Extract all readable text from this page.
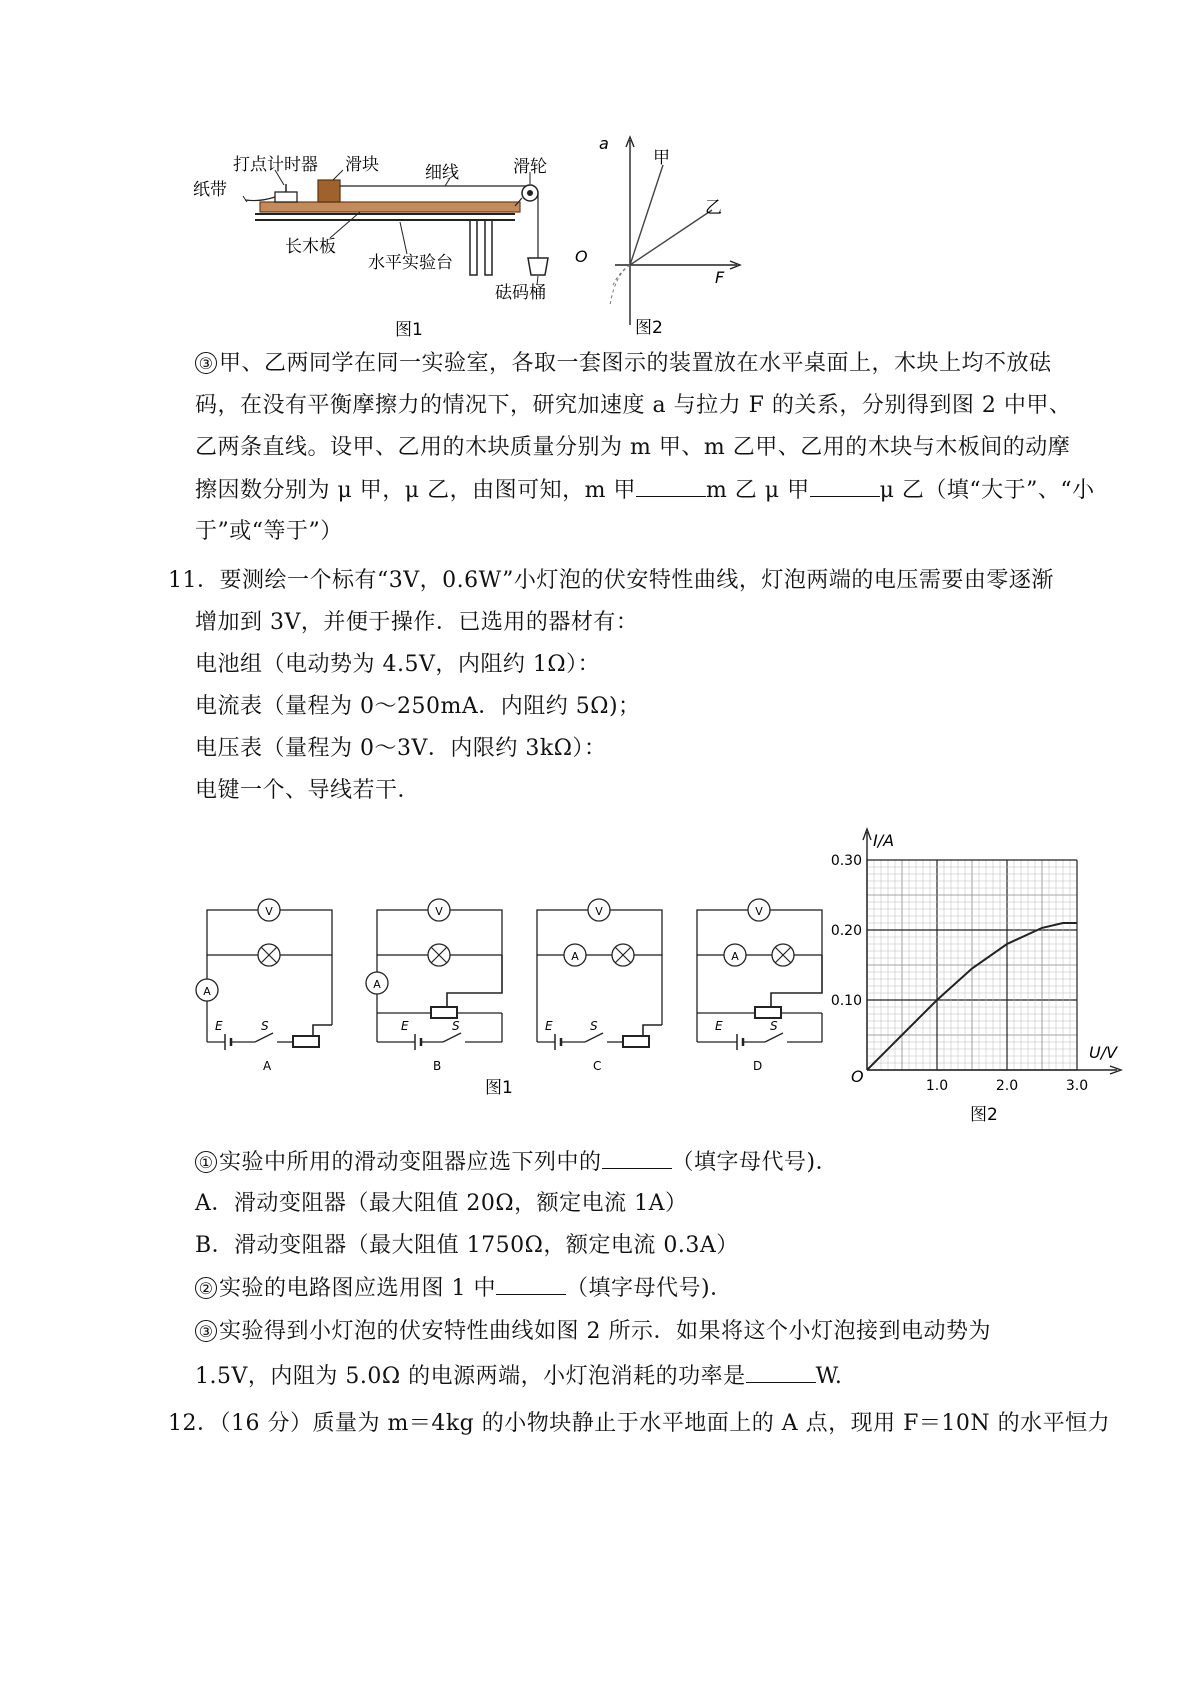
打点计时器 滑块	细线	滑轮
纸带
长木板
水平实验台
砝码桶
图1
a
O
F
甲
乙
图2
③ 甲、乙两同学在同一实验室，各取一套图示的装置放在水平桌面上，木块上均不放砝
码，在没有平衡摩擦力的情况下，研究加速度 a 与拉力 F 的关系，分别得到图 2 中甲、
乙两条直线。设甲、乙用的木块质量分别为 m 甲、m 乙甲、乙用的木块与木板间的动摩
擦因数分别为 μ 甲，μ 乙，由图可知，m 甲	m 乙 μ 甲	μ 乙（填“大于”、“小
于”或“等于”）
11．要测绘一个标有“3V，0.6W”小灯泡的伏安特性曲线，灯泡两端的电压需要由零逐渐
增加到 3V，并便于操作．已选用的器材有：
电池组（电动势为 4.5V，内阻约 1Ω）：
电流表（量程为 0～250mA．内阻约 5Ω)；
电压表（量程为 0～3V．内限约 3kΩ）：
电键一个、导线若干．
V
A
E	S
A
V
A
E	S
B
V
A
E	S
C
V
A
E	S
D
图1	1.0	2.0	3.0
0.10
0.20
0.30
I/A
U/V
O
图2
① 实验中所用的滑动变阻器应选下列中的	（填字母代号)．
A．滑动变阻器（最大阻值 20Ω，额定电流 1A）
B．滑动变阻器（最大阻值 1750Ω，额定电流 0.3A）
② 实验的电路图应选用图 1 中	（填字母代号)．
③ 实验得到小灯泡的伏安特性曲线如图 2 所示．如果将这个小灯泡接到电动势为
1.5V，内阻为 5.0Ω 的电源两端，小灯泡消耗的功率是	W.
12．（16 分）质量为 m＝4kg 的小物块静止于水平地面上的 A 点，现用 F＝10N 的水平恒力
